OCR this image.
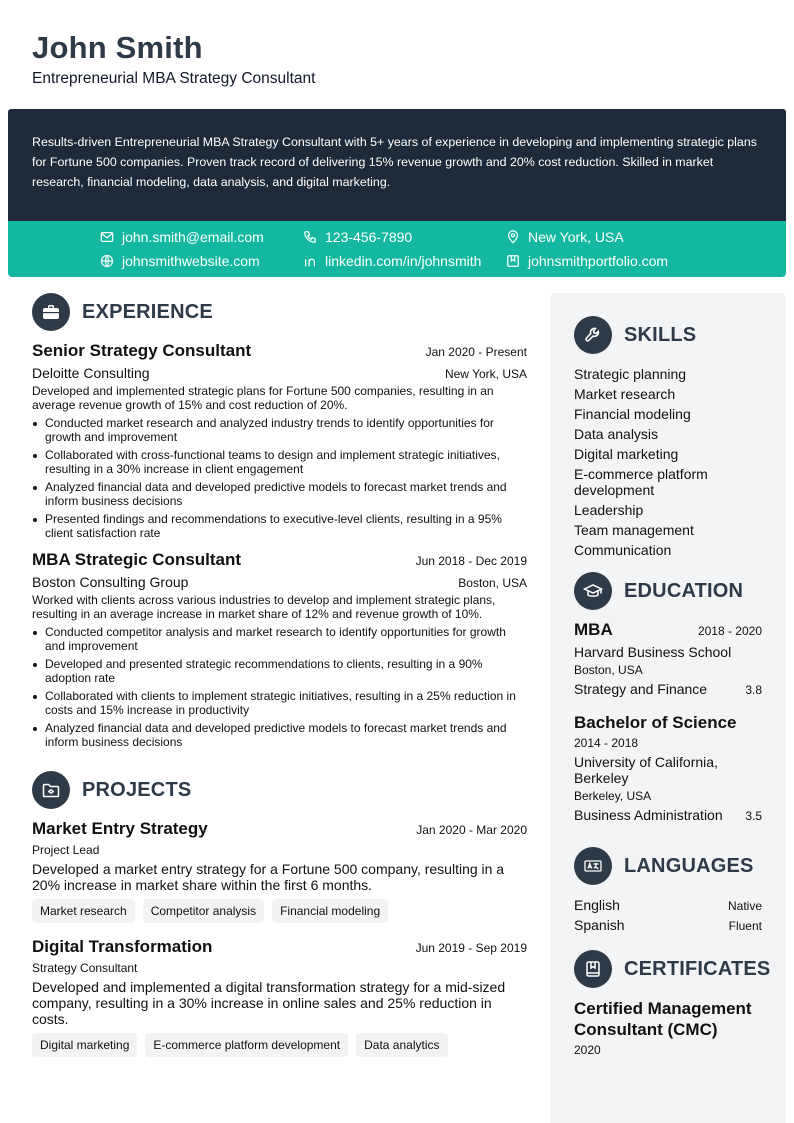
John Smith
Entrepreneurial MBA Strategy Consultant
Results-driven Entrepreneurial MBA Strategy Consultant with 5+ years of experience in developing and implementing strategic plans for Fortune 500 companies. Proven track record of delivering 15% revenue growth and 20% cost reduction. Skilled in market research, financial modeling, data analysis, and digital marketing.
john.smith@email.com	123-456-7890	New York, USA
johnsmithwebsite.com	linkedin.com/in/johnsmith	johnsmithportfolio.com
EXPERIENCE
Senior Strategy Consultant	Jan 2020 - Present
Deloitte Consulting	New York, USA
Developed and implemented strategic plans for Fortune 500 companies, resulting in an average revenue growth of 15% and cost reduction of 20%.
Conducted market research and analyzed industry trends to identify opportunities for growth and improvement
Collaborated with cross-functional teams to design and implement strategic initiatives, resulting in a 30% increase in client engagement
Analyzed financial data and developed predictive models to forecast market trends and inform business decisions
Presented findings and recommendations to executive-level clients, resulting in a 95% client satisfaction rate
MBA Strategic Consultant	Jun 2018 - Dec 2019
Boston Consulting Group	Boston, USA
Worked with clients across various industries to develop and implement strategic plans, resulting in an average increase in market share of 12% and revenue growth of 10%.
Conducted competitor analysis and market research to identify opportunities for growth and improvement
Developed and presented strategic recommendations to clients, resulting in a 90% adoption rate
Collaborated with clients to implement strategic initiatives, resulting in a 25% reduction in costs and 15% increase in productivity
Analyzed financial data and developed predictive models to forecast market trends and inform business decisions
PROJECTS
Market Entry Strategy	Jan 2020 - Mar 2020
Project Lead
Developed a market entry strategy for a Fortune 500 company, resulting in a 20% increase in market share within the first 6 months.
Market research	Competitor analysis	Financial modeling
Digital Transformation	Jun 2019 - Sep 2019
Strategy Consultant
Developed and implemented a digital transformation strategy for a mid-sized company, resulting in a 30% increase in online sales and 25% reduction in costs.
Digital marketing	E-commerce platform development	Data analytics
SKILLS
Strategic planning
Market research
Financial modeling
Data analysis
Digital marketing
E-commerce platform development
Leadership
Team management
Communication
EDUCATION
MBA	2018 - 2020
Harvard Business School
Boston, USA
Strategy and Finance	3.8
Bachelor of Science
2014 - 2018
University of California, Berkeley
Berkeley, USA
Business Administration 3.5
LANGUAGES
English	Native
Spanish	Fluent
CERTIFICATES
Certified Management Consultant (CMC)
2020
